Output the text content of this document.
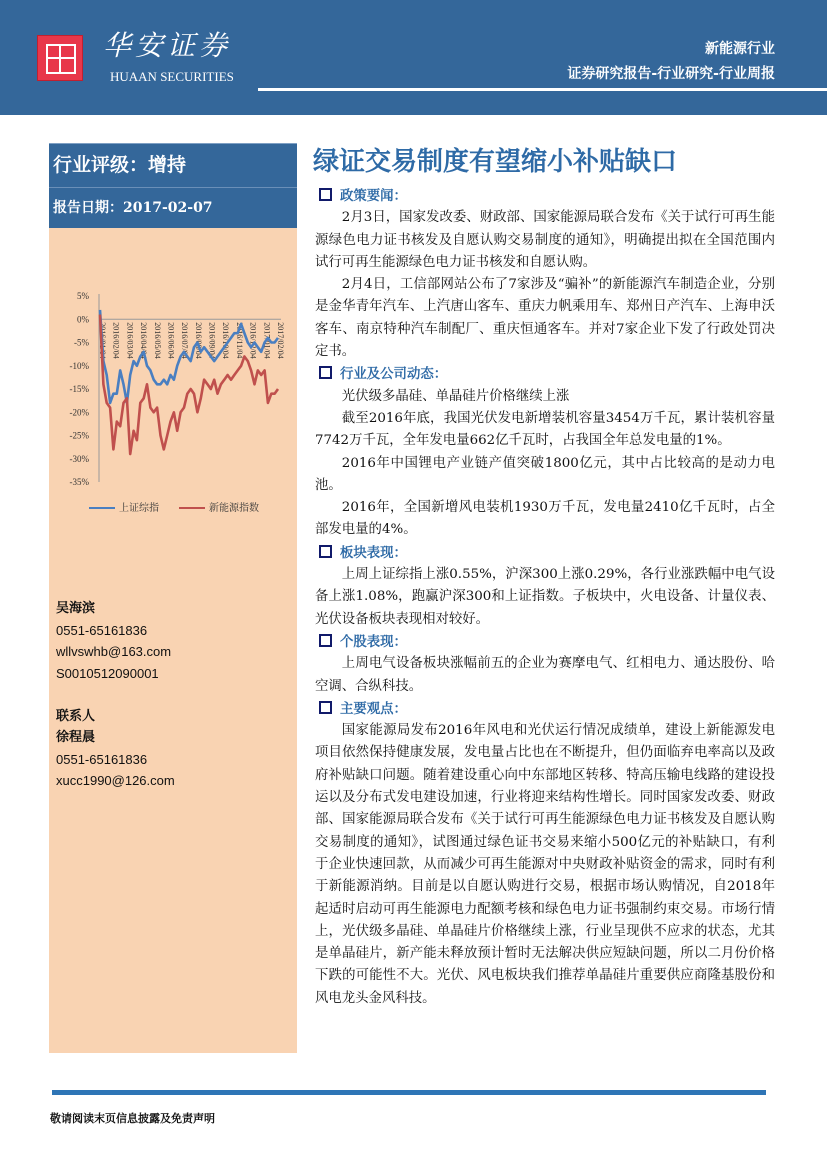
华安证券
HUAAN SECURITIES
新能源行业
证券研究报告-行业研究-行业周报
行业评级：增持
报告日期：2017-02-07
5%
0%
-5%
-10%
-15%
-20%
-25%
-30%
-35%
2016/01/04 2016/02/04 2016/03/04 2016/04/04 2016/05/04 2016/06/04 2016/07/04 2016/08/04 2016/09/04 2016/10/04 2016/11/04 2016/12/04 2017/01/04 2017/02/04
上证综指	新能源指数
吴海滨
0551-65161836
wllvswhb@163.com
S0010512090001
联系人
徐程晨
0551-65161836
xucc1990@126.com
绿证交易制度有望缩小补贴缺口
政策要闻：

2月3日，国家发改委、财政部、国家能源局联合发布《关于试行可再生能源绿色电力证书核发及自愿认购交易制度的通知》，明确提出拟在全国范围内试行可再生能源绿色电力证书核发和自愿认购。

2月4日，工信部网站公布了7家涉及“骗补”的新能源汽车制造企业，分别是金华青年汽车、上汽唐山客车、重庆力帆乘用车、郑州日产汽车、上海申沃客车、南京特种汽车制配厂、重庆恒通客车。并对7家企业下发了行政处罚决定书。

行业及公司动态：

光伏级多晶硅、单晶硅片价格继续上涨

截至2016年底，我国光伏发电新增装机容量3454万千瓦，累计装机容量7742万千瓦，全年发电量662亿千瓦时，占我国全年总发电量的1%。

2016年中国锂电产业链产值突破1800亿元，其中占比较高的是动力电池。

2016年，全国新增风电装机1930万千瓦，发电量2410亿千瓦时，占全部发电量的4%。

板块表现：

上周上证综指上涨0.55%，沪深300上涨0.29%，各行业涨跌幅中电气设备上涨1.08%，跑赢沪深300和上证指数。子板块中，火电设备、计量仪表、光伏设备板块表现相对较好。

个股表现：

上周电气设备板块涨幅前五的企业为赛摩电气、红相电力、通达股份、哈空调、合纵科技。

主要观点：

国家能源局发布2016年风电和光伏运行情况成绩单，建设上新能源发电项目依然保持健康发展，发电量占比也在不断提升，但仍面临弃电率高以及政府补贴缺口问题。随着建设重心向中东部地区转移、特高压输电线路的建设投运以及分布式发电建设加速，行业将迎来结构性增长。同时国家发改委、财政部、国家能源局联合发布《关于试行可再生能源绿色电力证书核发及自愿认购交易制度的通知》，试图通过绿色证书交易来缩小500亿元的补贴缺口，有利于企业快速回款，从而减少可再生能源对中央财政补贴资金的需求，同时有利于新能源消纳。目前是以自愿认购进行交易，根据市场认购情况，自2018年起适时启动可再生能源电力配额考核和绿色电力证书强制约束交易。市场行情上，光伏级多晶硅、单晶硅片价格继续上涨，行业呈现供不应求的状态，尤其是单晶硅片，新产能未释放预计暂时无法解决供应短缺问题，所以二月份价格下跌的可能性不大。光伏、风电板块我们推荐单晶硅片重要供应商隆基股份和风电龙头金风科技。

敬请阅读末页信息披露及免责声明
